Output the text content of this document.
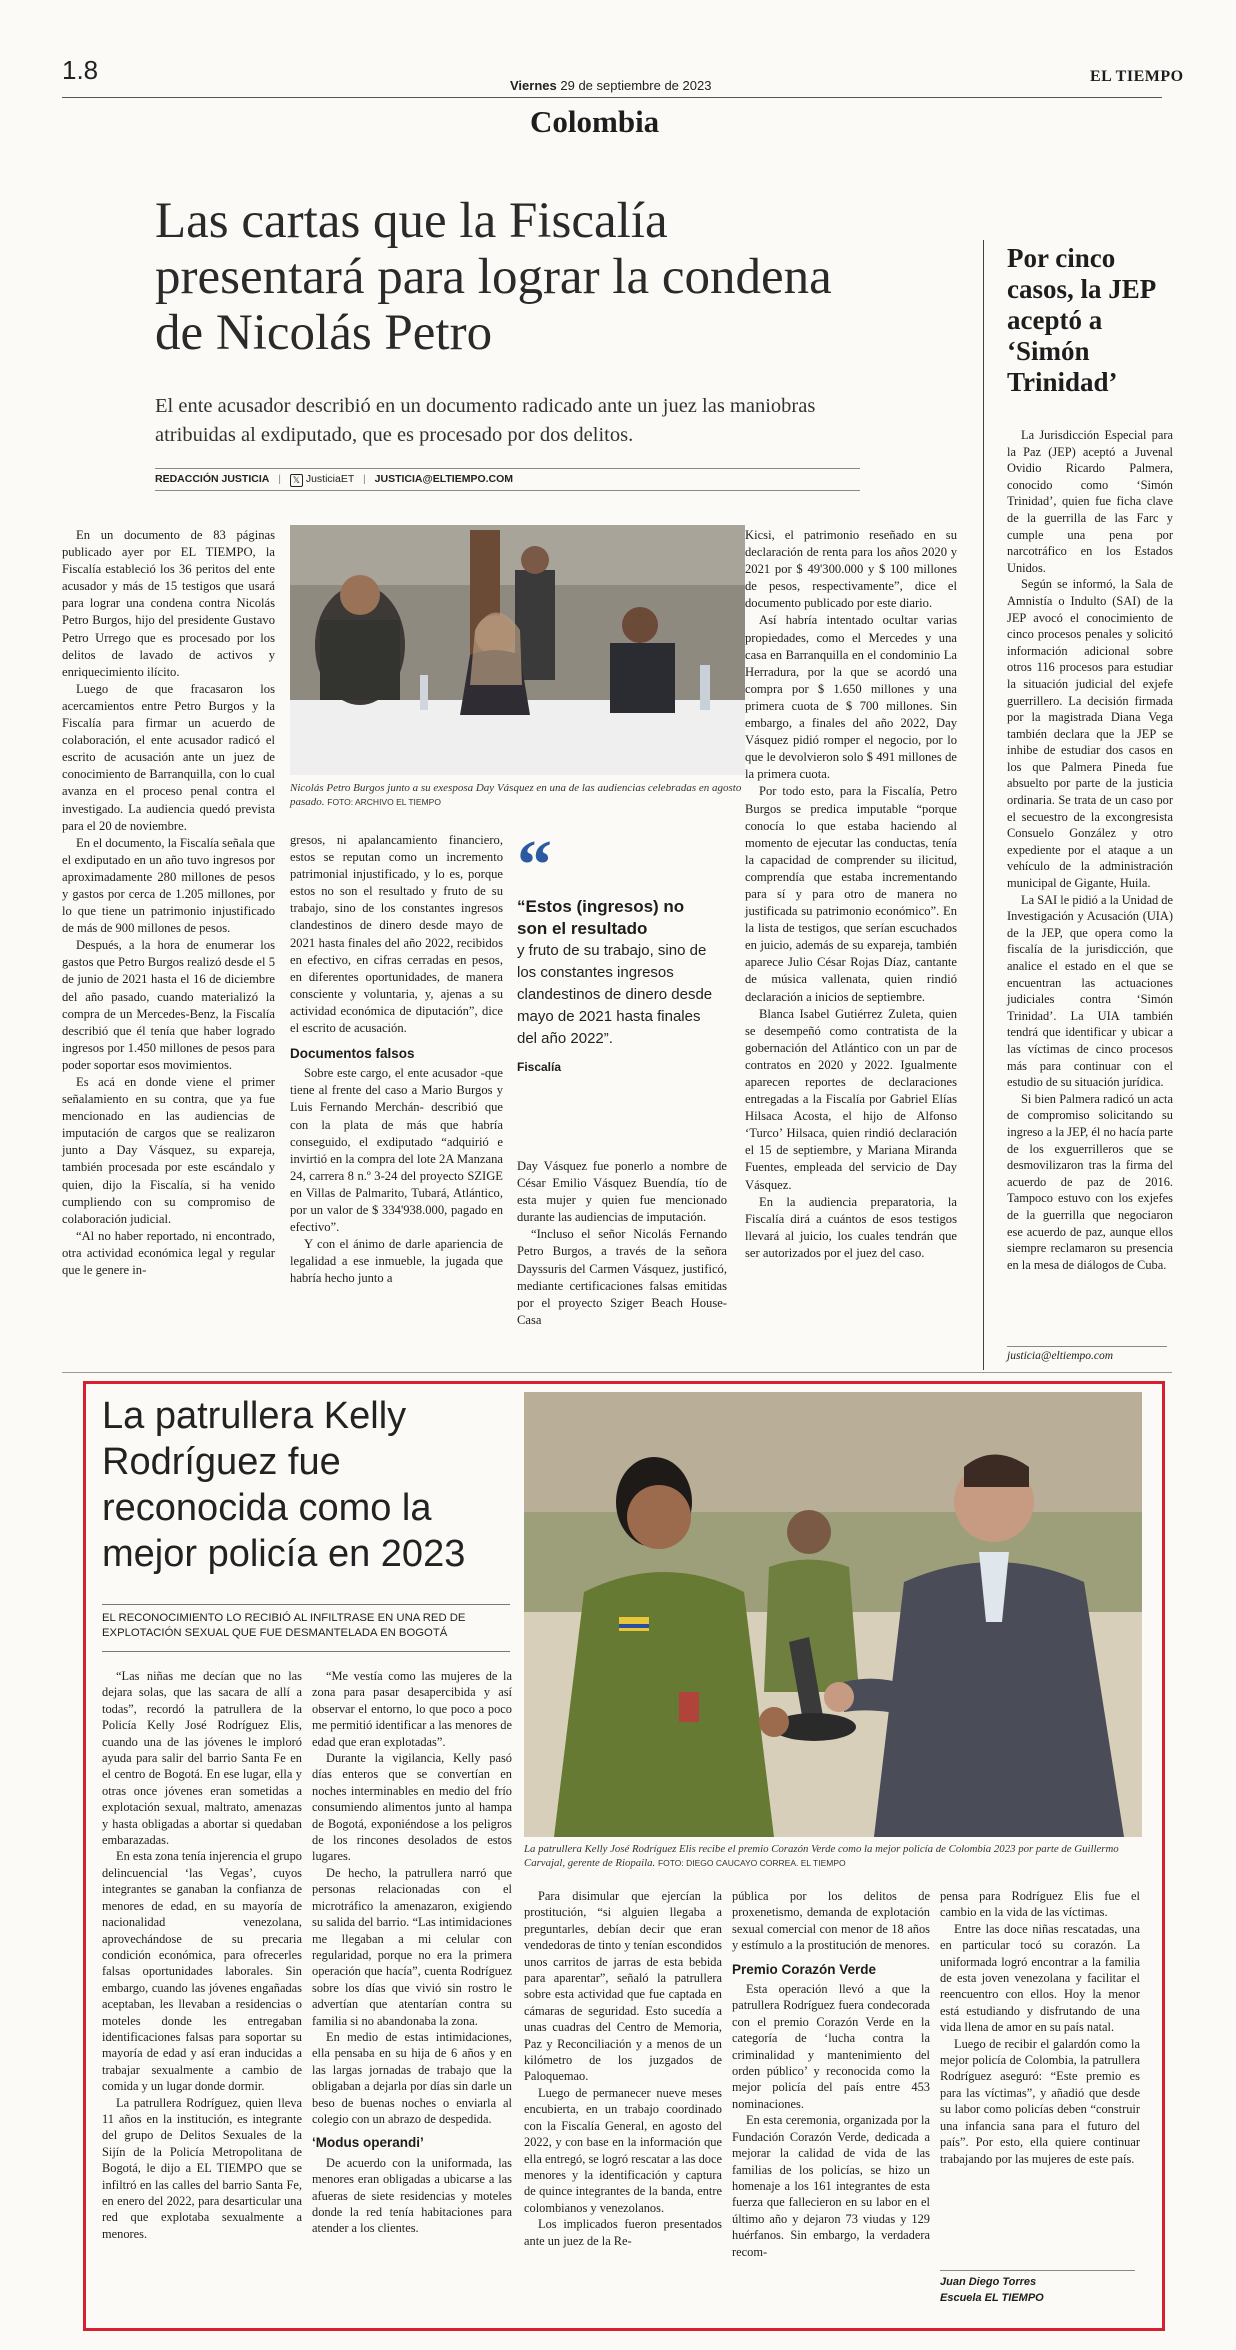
1.8
Viernes 29 de septiembre de 2023
EL TIEMPO
Colombia
Las cartas que la Fiscalía presentará para lograr la condena de Nicolás Petro
El ente acusador describió en un documento radicado ante un juez las maniobras atribuidas al exdiputado, que es procesado por dos delitos.
REDACCIÓN JUSTICIA | 𝕏 JusticiaET | JUSTICIA@ELTIEMPO.COM
Nicolás Petro Burgos junto a su exesposa Day Vásquez en una de las audiencias celebradas en agosto pasado. FOTO: ARCHIVO EL TIEMPO

En un documento de 83 páginas publicado ayer por EL TIEMPO, la Fiscalía estableció los 36 peritos del ente acusador y más de 15 testigos que usará para lograr una condena contra Nicolás Petro Burgos, hijo del presidente Gustavo Petro Urrego que es procesado por los delitos de lavado de activos y enriquecimiento ilícito.

Luego de que fracasaron los acercamientos entre Petro Burgos y la Fiscalía para firmar un acuerdo de colaboración, el ente acusador radicó el escrito de acusación ante un juez de conocimiento de Barranquilla, con lo cual avanza en el proceso penal contra el investigado. La audiencia quedó prevista para el 20 de noviembre.

En el documento, la Fiscalía señala que el exdiputado en un año tuvo ingresos por aproximadamente 280 millones de pesos y gastos por cerca de 1.205 millones, por lo que tiene un patrimonio injustificado de más de 900 millones de pesos.

Después, a la hora de enumerar los gastos que Petro Burgos realizó desde el 5 de junio de 2021 hasta el 16 de diciembre del año pasado, cuando materializó la compra de un Mercedes-Benz, la Fiscalía describió que él tenía que haber logrado ingresos por 1.450 millones de pesos para poder soportar esos movimientos.

Es acá en donde viene el primer señalamiento en su contra, que ya fue mencionado en las audiencias de imputación de cargos que se realizaron junto a Day Vásquez, su expareja, también procesada por este escándalo y quien, dijo la Fiscalía, si ha venido cumpliendo con su compromiso de colaboración judicial.

“Al no haber reportado, ni encontrado, otra actividad económica legal y regular que le genere in-

gresos, ni apalancamiento financiero, estos se reputan como un incremento patrimonial injustificado, y lo es, porque estos no son el resultado y fruto de su trabajo, sino de los constantes ingresos clandestinos de dinero desde mayo de 2021 hasta finales del año 2022, recibidos en efectivo, en cifras cerradas en pesos, en diferentes oportunidades, de manera consciente y voluntaria, y, ajenas a su actividad económica de diputación”, dice el escrito de acusación.

Documentos falsos

Sobre este cargo, el ente acusador -que tiene al frente del caso a Mario Burgos y Luis Fernando Merchán- describió que con la plata de más que habría conseguido, el exdiputado “adquirió e invirtió en la compra del lote 2A Manzana 24, carrera 8 n.º 3-24 del proyecto SZIGE en Villas de Palmarito, Tubará, Atlántico, por un valor de $ 334'938.000, pagado en efectivo”.

Y con el ánimo de darle apariencia de legalidad a ese inmueble, la jugada que habría hecho junto a

“
“Estos (ingresos) no son el resultado
y fruto de su trabajo, sino de los constantes ingresos clandestinos de dinero desde mayo de 2021 hasta finales del año 2022”.
Fiscalía

Day Vásquez fue ponerlo a nombre de César Emilio Vásquez Buendía, tío de esta mujer y quien fue mencionado durante las audiencias de imputación.

“Incluso el señor Nicolás Fernando Petro Burgos, a través de la señora Dayssuris del Carmen Vásquez, justificó, mediante certificaciones falsas emitidas por el proyecto Szigет Beach House-Casa

Kicsi, el patrimonio reseñado en su declaración de renta para los años 2020 y 2021 por $ 49'300.000 y $ 100 millones de pesos, respectivamente”, dice el documento publicado por este diario.

Así habría intentado ocultar varias propiedades, como el Mercedes y una casa en Barranquilla en el condominio La Herradura, por la que se acordó una compra por $ 1.650 millones y una primera cuota de $ 700 millones. Sin embargo, a finales del año 2022, Day Vásquez pidió romper el negocio, por lo que le devolvieron solo $ 491 millones de la primera cuota.

Por todo esto, para la Fiscalía, Petro Burgos se predica imputable “porque conocía lo que estaba haciendo al momento de ejecutar las conductas, tenía la capacidad de comprender su ilicitud, comprendía que estaba incrementando para sí y para otro de manera no justificada su patrimonio económico”. En la lista de testigos, que serían escuchados en juicio, además de su expareja, también aparece Julio César Rojas Díaz, cantante de música vallenata, quien rindió declaración a inicios de septiembre.

Blanca Isabel Gutiérrez Zuleta, quien se desempeñó como contratista de la gobernación del Atlántico con un par de contratos en 2020 y 2022. Igualmente aparecen reportes de declaraciones entregadas a la Fiscalía por Gabriel Elías Hilsaca Acosta, el hijo de Alfonso ‘Turco’ Hilsaca, quien rindió declaración el 15 de septiembre, y Mariana Miranda Fuentes, empleada del servicio de Day Vásquez.

En la audiencia preparatoria, la Fiscalía dirá a cuántos de esos testigos llevará al juicio, los cuales tendrán que ser autorizados por el juez del caso.

Por cinco casos, la JEP aceptó a ‘Simón Trinidad’

La Jurisdicción Especial para la Paz (JEP) aceptó a Juvenal Ovidio Ricardo Palmera, conocido como ‘Simón Trinidad’, quien fue ficha clave de la guerrilla de las Farc y cumple una pena por narcotráfico en los Estados Unidos.

Según se informó, la Sala de Amnistía o Indulto (SAI) de la JEP avocó el conocimiento de cinco procesos penales y solicitó información adicional sobre otros 116 procesos para estudiar la situación judicial del exjefe guerrillero. La decisión firmada por la magistrada Diana Vega también declara que la JEP se inhibe de estudiar dos casos en los que Palmera Pineda fue absuelto por parte de la justicia ordinaria. Se trata de un caso por el secuestro de la excongresista Consuelo González y otro expediente por el ataque a un vehículo de la administración municipal de Gigante, Huila.

La SAI le pidió a la Unidad de Investigación y Acusación (UIA) de la JEP, que opera como la fiscalía de la jurisdicción, que analice el estado en el que se encuentran las actuaciones judiciales contra ‘Simón Trinidad’. La UIA también tendrá que identificar y ubicar a las víctimas de cinco procesos más para continuar con el estudio de su situación jurídica.

Si bien Palmera radicó un acta de compromiso solicitando su ingreso a la JEP, él no hacía parte de los exguerrilleros que se desmovilizaron tras la firma del acuerdo de paz de 2016. Tampoco estuvo con los exjefes de la guerrilla que negociaron ese acuerdo de paz, aunque ellos siempre reclamaron su presencia en la mesa de diálogos de Cuba.

justicia@eltiempo.com
La patrullera Kelly Rodríguez fue reconocida como la mejor policía en 2023
EL RECONOCIMIENTO LO RECIBIÓ AL INFILTRASE EN UNA RED DE EXPLOTACIÓN SEXUAL QUE FUE DESMANTELADA EN BOGOTÁ
La patrullera Kelly José Rodríguez Elis recibe el premio Corazón Verde como la mejor policía de Colombia 2023 por parte de Guillermo Carvajal, gerente de Riopaila. FOTO: DIEGO CAUCAYO CORREA. EL TIEMPO

“Las niñas me decían que no las dejara solas, que las sacara de allí a todas”, recordó la patrullera de la Policía Kelly José Rodríguez Elis, cuando una de las jóvenes le imploró ayuda para salir del barrio Santa Fe en el centro de Bogotá. En ese lugar, ella y otras once jóvenes eran sometidas a explotación sexual, maltrato, amenazas y hasta obligadas a abortar si quedaban embarazadas.

En esta zona tenía injerencia el grupo delincuencial ‘las Vegas’, cuyos integrantes se ganaban la confianza de menores de edad, en su mayoría de nacionalidad venezolana, aprovechándose de su precaria condición económica, para ofrecerles falsas oportunidades laborales. Sin embargo, cuando las jóvenes engañadas aceptaban, les llevaban a residencias o moteles donde les entregaban identificaciones falsas para soportar su mayoría de edad y así eran inducidas a trabajar sexualmente a cambio de comida y un lugar donde dormir.

La patrullera Rodríguez, quien lleva 11 años en la institución, es integrante del grupo de Delitos Sexuales de la Sijín de la Policía Metropolitana de Bogotá, le dijo a EL TIEMPO que se infiltró en las calles del barrio Santa Fe, en enero del 2022, para desarticular una red que explotaba sexualmente a menores.

“Me vestía como las mujeres de la zona para pasar desapercibida y así observar el entorno, lo que poco a poco me permitió identificar a las menores de edad que eran explotadas”.

Durante la vigilancia, Kelly pasó días enteros que se convertían en noches interminables en medio del frío consumiendo alimentos junto al hampa de Bogotá, exponiéndose a los peligros de los rincones desolados de estos lugares.

De hecho, la patrullera narró que personas relacionadas con el microtráfico la amenazaron, exigiendo su salida del barrio. “Las intimidaciones me llegaban a mi celular con regularidad, porque no era la primera operación que hacía”, cuenta Rodríguez sobre los días que vivió sin rostro le advertían que atentarían contra su familia si no abandonaba la zona.

En medio de estas intimidaciones, ella pensaba en su hija de 6 años y en las largas jornadas de trabajo que la obligaban a dejarla por días sin darle un beso de buenas noches o enviarla al colegio con un abrazo de despedida.

‘Modus operandi’

De acuerdo con la uniformada, las menores eran obligadas a ubicarse a las afueras de siete residencias y moteles donde la red tenía habitaciones para atender a los clientes.

Para disimular que ejercían la prostitución, “si alguien llegaba a preguntarles, debían decir que eran vendedoras de tinto y tenían escondidos unos carritos de jarras de esta bebida para aparentar”, señaló la patrullera sobre esta actividad que fue captada en cámaras de seguridad. Esto sucedía a unas cuadras del Centro de Memoria, Paz y Reconciliación y a menos de un kilómetro de los juzgados de Paloquemao.

Luego de permanecer nueve meses encubierta, en un trabajo coordinado con la Fiscalía General, en agosto del 2022, y con base en la información que ella entregó, se logró rescatar a las doce menores y la identificación y captura de quince integrantes de la banda, entre colombianos y venezolanos.

Los implicados fueron presentados ante un juez de la Re-

pública por los delitos de proxenetismo, demanda de explotación sexual comercial con menor de 18 años y estímulo a la prostitución de menores.

Premio Corazón Verde

Esta operación llevó a que la patrullera Rodríguez fuera condecorada con el premio Corazón Verde en la categoría de ‘lucha contra la criminalidad y mantenimiento del orden público’ y reconocida como la mejor policía del país entre 453 nominaciones.

En esta ceremonia, organizada por la Fundación Corazón Verde, dedicada a mejorar la calidad de vida de las familias de los policías, se hizo un homenaje a los 161 integrantes de esta fuerza que fallecieron en su labor en el último año y dejaron 73 viudas y 129 huérfanos. Sin embargo, la verdadera recom-

pensa para Rodríguez Elis fue el cambio en la vida de las víctimas.

Entre las doce niñas rescatadas, una en particular tocó su corazón. La uniformada logró encontrar a la familia de esta joven venezolana y facilitar el reencuentro con ellos. Hoy la menor está estudiando y disfrutando de una vida llena de amor en su país natal.

Luego de recibir el galardón como la mejor policía de Colombia, la patrullera Rodríguez aseguró: “Este premio es para las víctimas”, y añadió que desde su labor como policías deben “construir una infancia sana para el futuro del país”. Por esto, ella quiere continuar trabajando por las mujeres de este país.

Juan Diego Torres
Escuela EL TIEMPO
